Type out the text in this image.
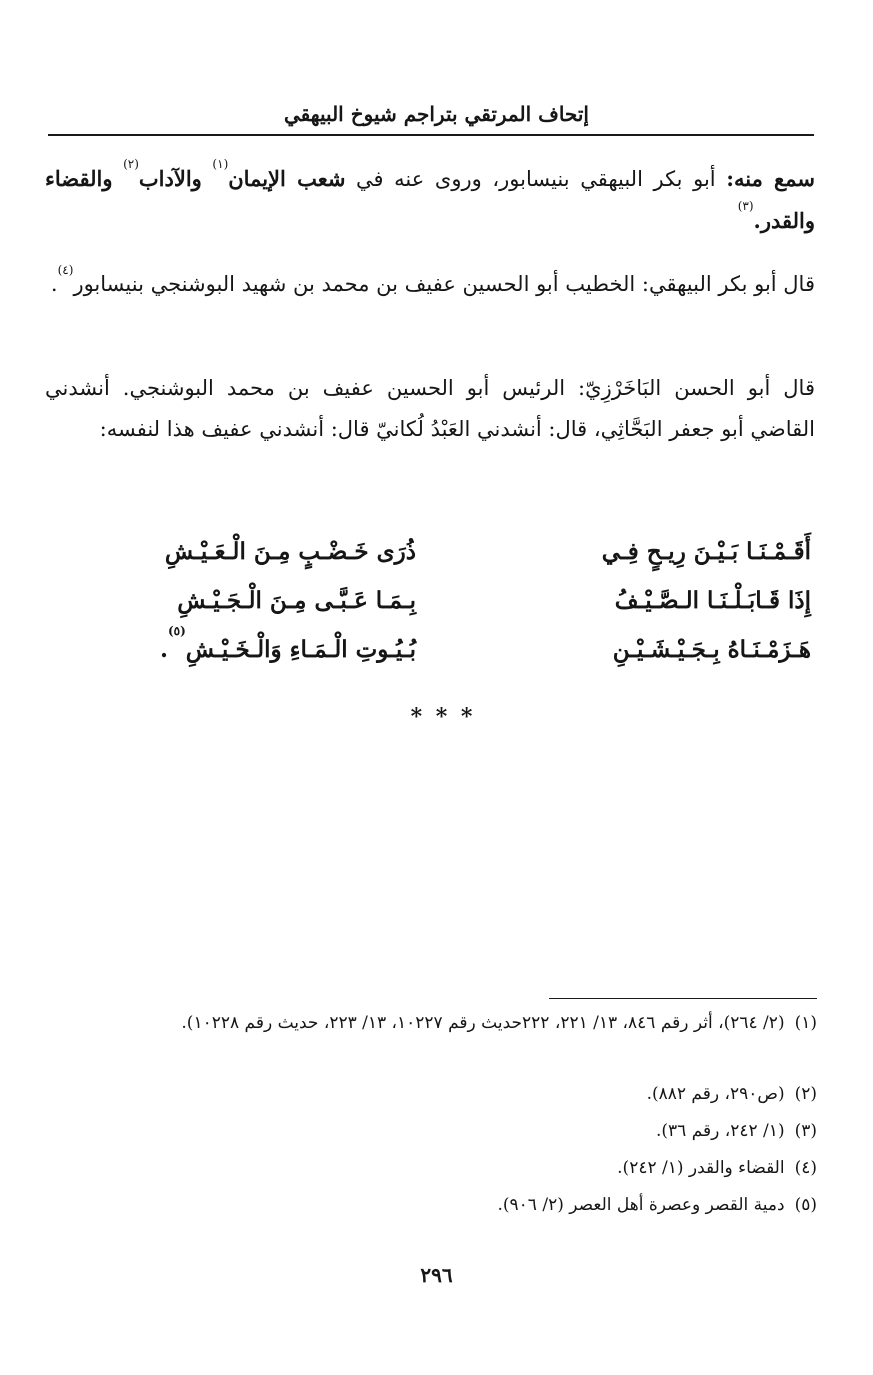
إتحاف المرتقي بتراجم شيوخ البيهقي
سمع منه: أبو بكر البيهقي بنيسابور، وروى عنه في شعب الإيمان$^{(١)}$ والآداب$^{(٢)}$ والقضاء والقدر.$^{(٣)}$
قال أبو بكر البيهقي: الخطيب أبو الحسين عفيف بن محمد بن شهيد البوشنجي بنيسابور$^{(٤)}$.
قال أبو الحسن البَاخَرْزِيّ: الرئيس أبو الحسين عفيف بن محمد البوشنجي. أنشدني القاضي أبو جعفر البَحَّاثِي، قال: أنشدني العَبْدُ لُكانيّ قال: أنشدني عفيف هذا لنفسه:
أَقَـمْـنَـا بَـيْـنَ رِيـحٍ فِـي
ذُرَى خَـضْـبٍ مِـنَ الْـعَـيْـشِ
إِذَا قَـابَـلْـنَـا الـصَّـيْـفُ
بِـمَـا عَـبَّـى مِـنَ الْـجَـيْـشِ
هَـزَمْـنَـاهُ بِـجَـيْـشَـيْـنِ
بُـيُـوتِ الْـمَـاءِ وَالْـخَـيْـشِ$^{(٥)}$.
* * *
(١)(٢/ ٢٦٤)، أثر رقم ٨٤٦، ١٣/ ٢٢١، ٢٢٢حديث رقم ١٠٢٢٧، ١٣/ ٢٢٣، حديث رقم ١٠٢٢٨).
(٢)(ص٢٩٠، رقم ٨٨٢).
(٣)(١/ ٢٤٢، رقم ٣٦).
(٤)القضاء والقدر (١/ ٢٤٢).
(٥)دمية القصر وعصرة أهل العصر (٢/ ٩٠٦).
٢٩٦
